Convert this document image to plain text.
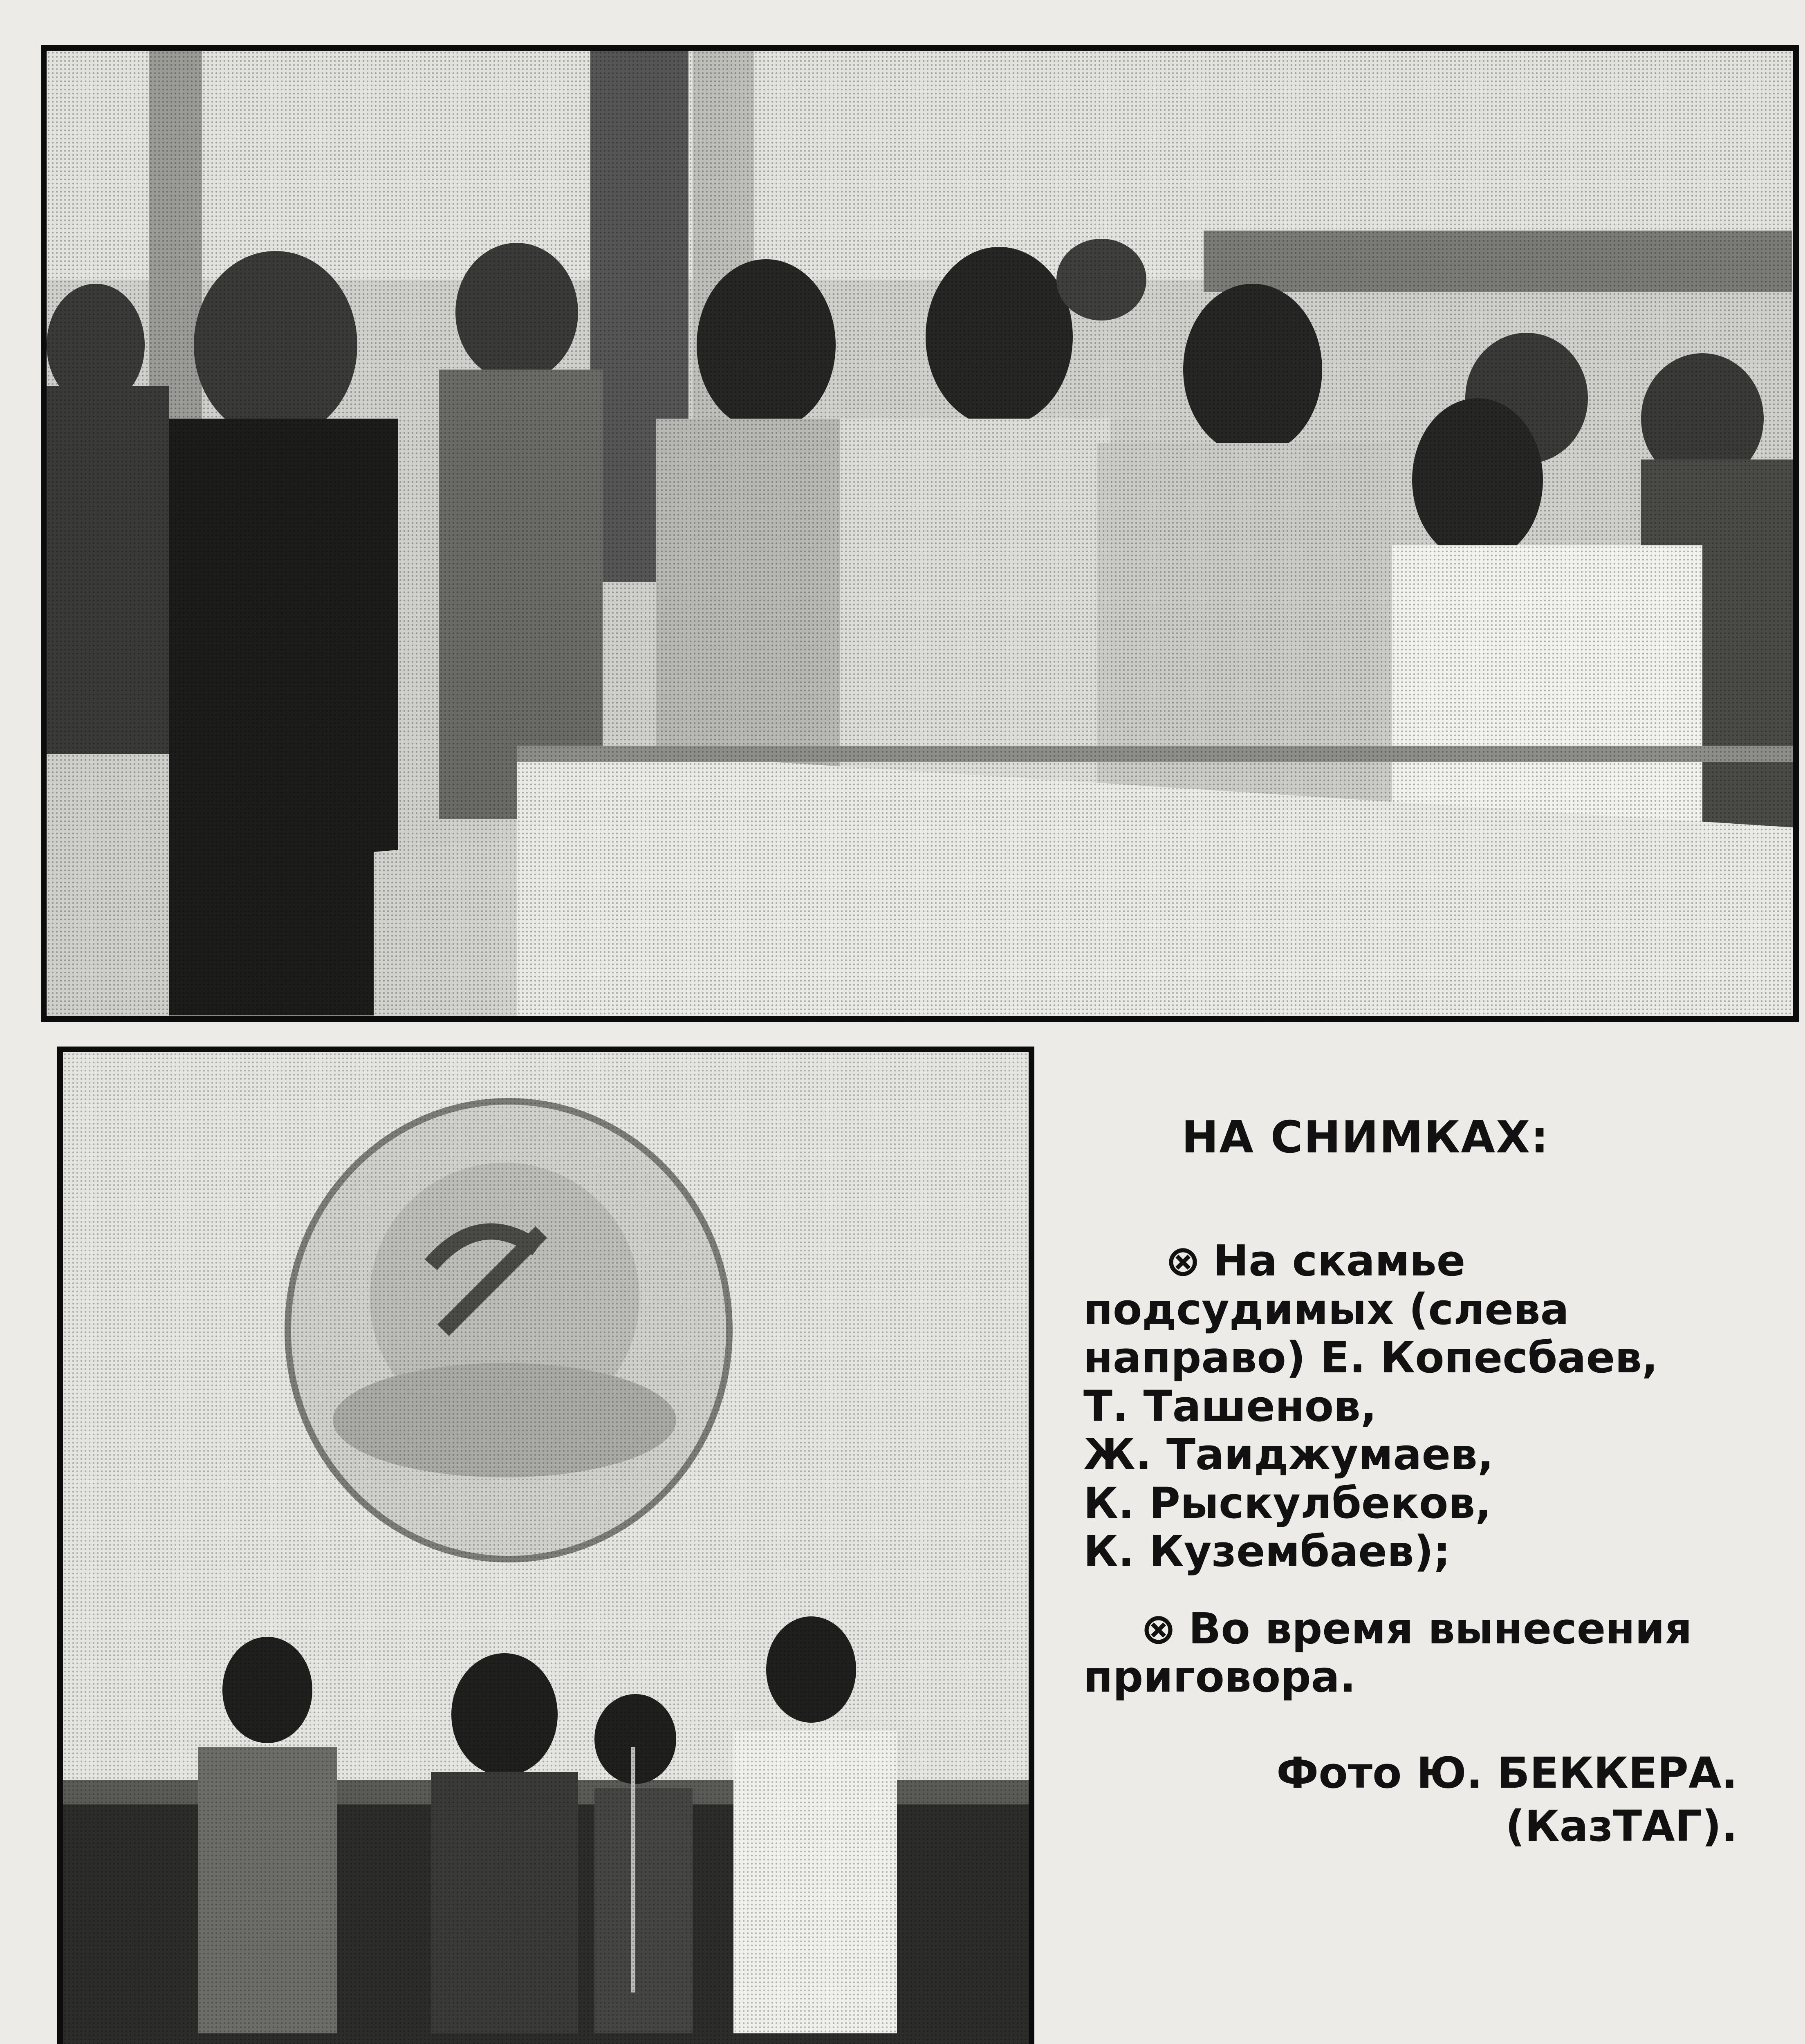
НА СНИМКАХ:
⊗ На скамье
подсудимых (слева
направо) Е. Копесбаев,
Т. Ташенов,
Ж. Таиджумаев,
К. Рыскулбеков,
К. Кузембаев);
⊗ Во время вынесения
приговора.
Фото Ю. БЕККЕРА.
(КазТАГ).
